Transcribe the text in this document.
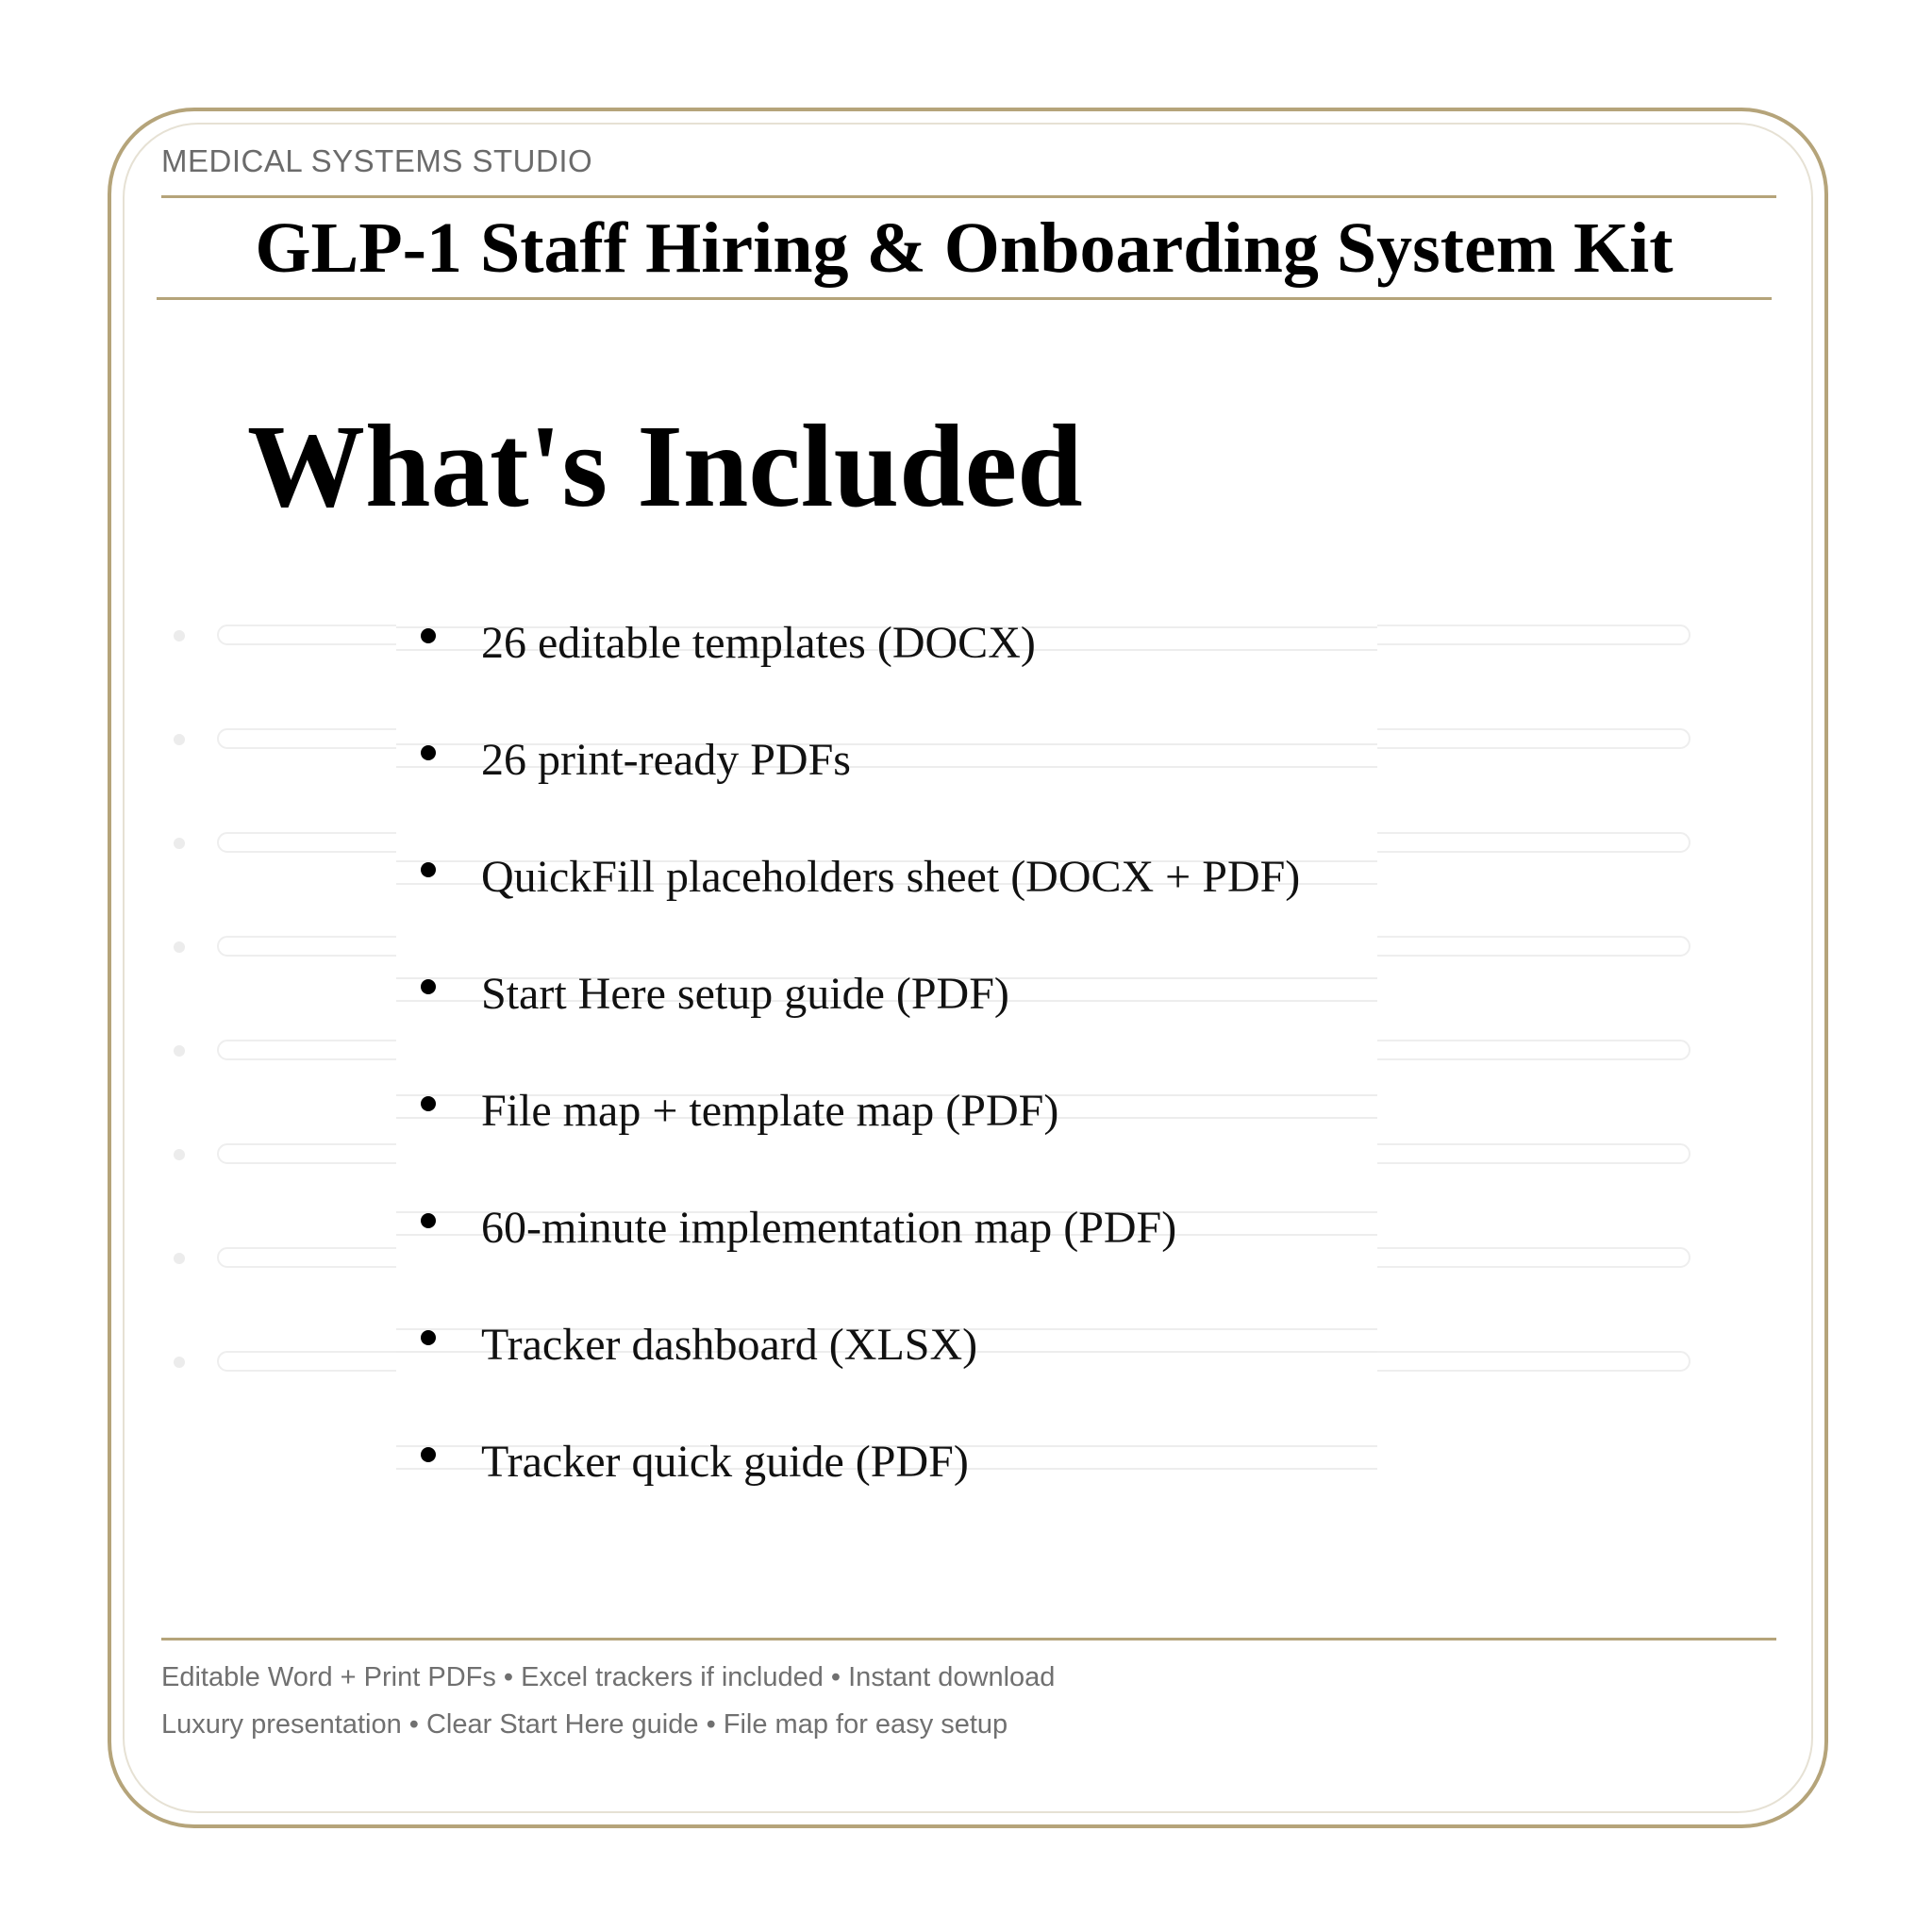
MEDICAL SYSTEMS STUDIO
GLP-1 Staff Hiring & Onboarding System Kit
What's Included
26 editable templates (DOCX)
26 print-ready PDFs
QuickFill placeholders sheet (DOCX + PDF)
Start Here setup guide (PDF)
File map + template map (PDF)
60-minute implementation map (PDF)
Tracker dashboard (XLSX)
Tracker quick guide (PDF)
Editable Word + Print PDFs • Excel trackers if included • Instant download
Luxury presentation • Clear Start Here guide • File map for easy setup
